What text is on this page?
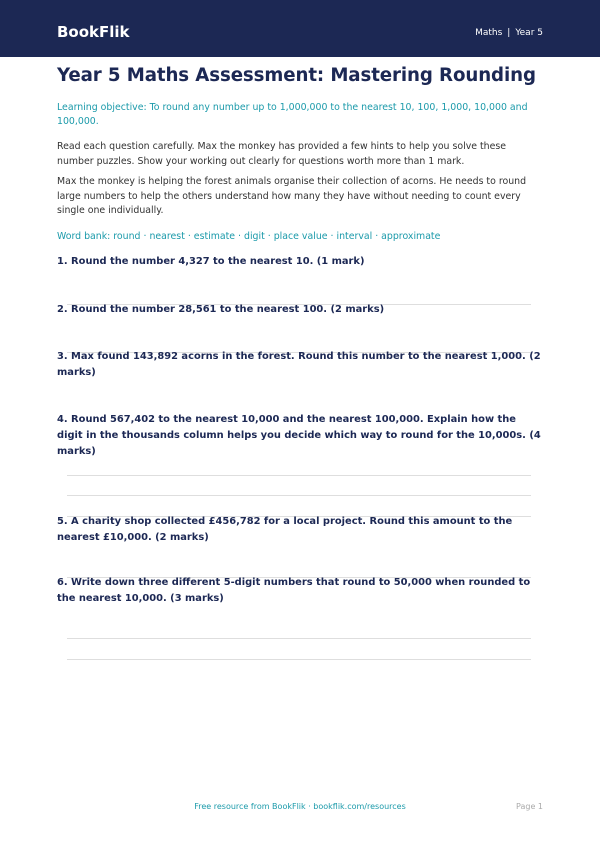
BookFlik	Maths | Year 5
Year 5 Maths Assessment: Mastering Rounding

Learning objective: To round any number up to 1,000,000 to the nearest 10, 100, 1,000, 10,000 and 100,000.

Read each question carefully. Max the monkey has provided a few hints to help you solve these number puzzles. Show your working out clearly for questions worth more than 1 mark.

Max the monkey is helping the forest animals organise their collection of acorns. He needs to round large numbers to help the others understand how many they have without needing to count every single one individually.

Word bank: round · nearest · estimate · digit · place value · interval · approximate

1. Round the number 4,327 to the nearest 10. (1 mark)
2. Round the number 28,561 to the nearest 100. (2 marks)
3. Max found 143,892 acorns in the forest. Round this number to the nearest 1,000. (2 marks)
4. Round 567,402 to the nearest 10,000 and the nearest 100,000. Explain how the digit in the thousands column helps you decide which way to round for the 10,000s. (4 marks)
5. A charity shop collected £456,782 for a local project. Round this amount to the nearest £10,000. (2 marks)
6. Write down three different 5-digit numbers that round to 50,000 when rounded to the nearest 10,000. (3 marks)
Free resource from BookFlik · bookflik.com/resources	Page 1
